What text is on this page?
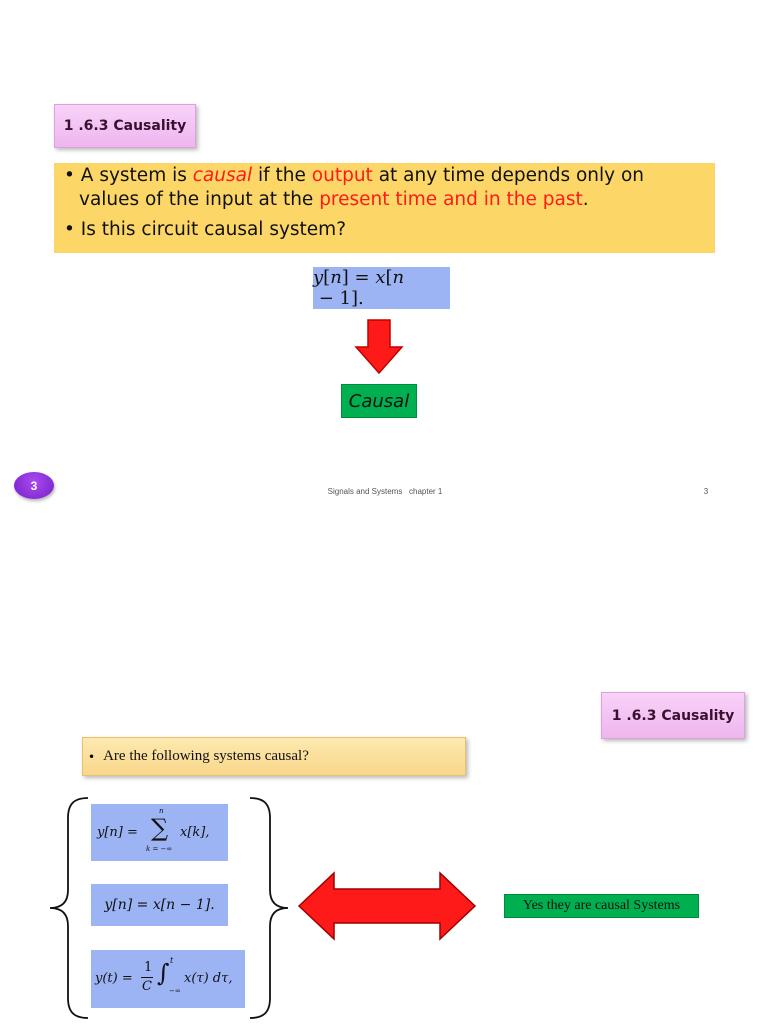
1 .6.3 Causality

• A system is causal if the output at any time depends only on values of the input at the present time and in the past.

• Is this circuit causal system?

y[n] = x[n − 1].
Causal
3	Signals and Systems   chapter 1	3
1 .6.3 Causality
• Are the following systems causal?
y[n] =
n
∑
k = −∞
x[k],
y[n] = x[n − 1].
y(t) =
1
C ∫ t
−∞
x(τ) dτ,
Yes they are causal Systems
